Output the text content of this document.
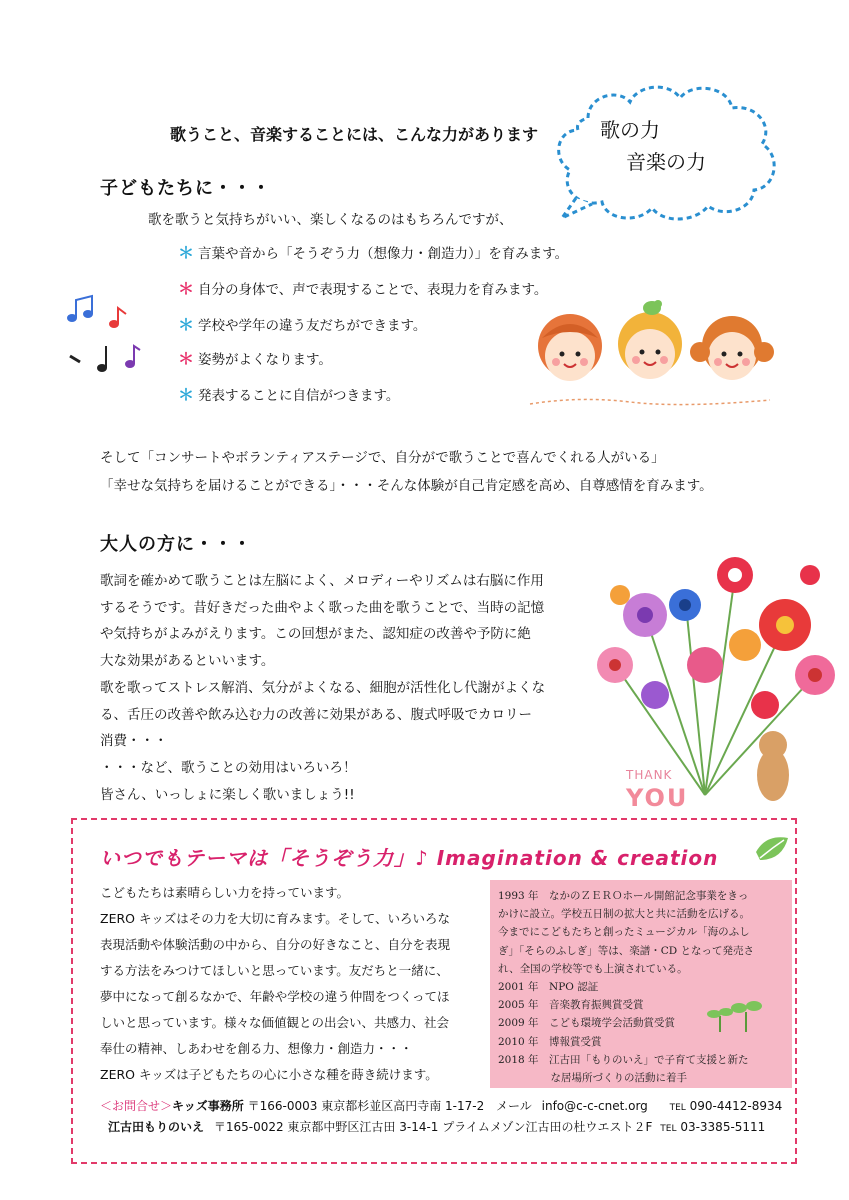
歌うこと、音楽することには、こんな力があります	歌の力
音楽の力
子どもたちに・・・
歌を歌うと気持ちがいい、楽しくなるのはもちろんですが、
＊ 言葉や音から「そうぞう力（想像力・創造力）」を育みます。
＊ 自分の身体で、声で表現することで、表現力を育みます。
＊ 学校や学年の違う友だちができます。
＊ 姿勢がよくなります。
＊ 発表することに自信がつきます。
そして「コンサートやボランティアステージで、自分がで歌うことで喜んでくれる人がいる」
「幸せな気持ちを届けることができる」・・・そんな体験が自己肯定感を高め、自尊感情を育みます。
大人の方に・・・
歌詞を確かめて歌うことは左脳によく、メロディーやリズムは右脳に作用
するそうです。昔好きだった曲やよく歌った曲を歌うことで、当時の記憶
や気持ちがよみがえります。この回想がまた、認知症の改善や予防に絶
大な効果があるといいます。
歌を歌ってストレス解消、気分がよくなる、細胞が活性化し代謝がよくな
る、舌圧の改善や飲み込む力の改善に効果がある、腹式呼吸でカロリー
消費・・・
・・・など、歌うことの効用はいろいろ！
皆さん、いっしょに楽しく歌いましょう!!
THANK
YOU
いつでもテーマは「そうぞう力」♪ Imagination & creation
こどもたちは素晴らしい力を持っています。
ZERO キッズはその力を大切に育みます。そして、いろいろな
表現活動や体験活動の中から、自分の好きなこと、自分を表現
する方法をみつけてほしいと思っています。友だちと一緒に、
夢中になって創るなかで、年齢や学校の違う仲間をつくってほ
しいと思っています。様々な価値観との出会い、共感力、社会
奉仕の精神、しあわせを創る力、想像力・創造力・・・
ZERO キッズは子どもたちの心に小さな種を蒔き続けます。
1993 年　なかのＺＥＲＯホール開館記念事業をきっ
かけに設立。学校五日制の拡大と共に活動を広げる。
今までにこどもたちと創ったミュージカル「海のふし
ぎ」「そらのふしぎ」等は、楽譜・CD となって発売さ
れ、全国の学校等でも上演されている。
2001 年　NPO 認証
2005 年　音楽教育振興賞受賞
2009 年　こども環境学会活動賞受賞
2010 年　博報賞受賞
2018 年　江古田「もりのいえ」で子育て支援と新た
　　　　　な居場所づくりの活動に着手
＜お問合せ＞キッズ事務所 〒166-0003 東京都杉並区高円寺南 1-17-2 メール info@c-c-cnet.org TEL 090-4412-8934
江古田もりのいえ 〒165-0022 東京都中野区江古田 3-14-1 プライムメゾン江古田の杜ウエスト２F TEL 03-3385-5111
